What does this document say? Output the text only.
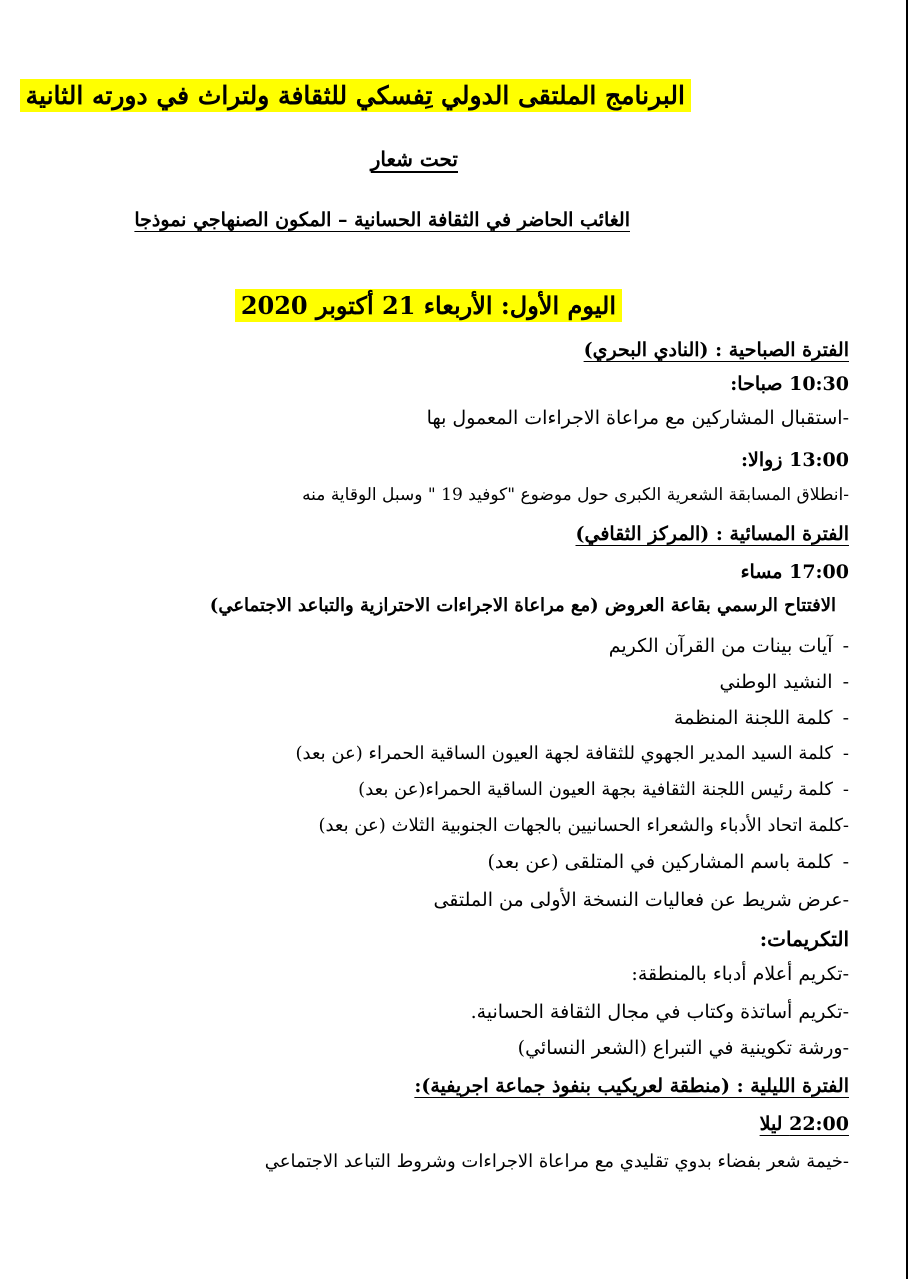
البرنامج الملتقى الدولي تِفسكي للثقافة ولتراث في دورته الثانية
تحت شعار
الغائب الحاضر في الثقافة الحسانية – المكون الصنهاجي نموذجا
اليوم الأول: الأربعاء 21 أكتوبر 2020
الفترة الصباحية : (النادي البحري)
10:30 صباحا:
-استقبال المشاركين مع مراعاة الاجراءات المعمول بها
13:00 زوالا:
-انطلاق المسابقة الشعرية الكبرى حول موضوع "كوفيد 19 " وسبل الوقاية منه
الفترة المسائية : (المركز الثقافي)
17:00 مساء
الافتتاح الرسمي بقاعة العروض (مع مراعاة الاجراءات الاحترازية والتباعد الاجتماعي)
-آيات بينات من القرآن الكريم
-النشيد الوطني
-كلمة اللجنة المنظمة
-كلمة السيد المدير الجهوي للثقافة لجهة العيون الساقية الحمراء (عن بعد)
-كلمة رئيس اللجنة الثقافية بجهة العيون الساقية الحمراء(عن بعد)
-كلمة اتحاد الأدباء والشعراء الحسانيين بالجهات الجنوبية الثلاث (عن بعد)
-كلمة باسم المشاركين في المتلقى (عن بعد)
-عرض شريط عن فعاليات النسخة الأولى من الملتقى
التكريمات:
-تكريم أعلام أدباء بالمنطقة:
-تكريم أساتذة وكتاب في مجال الثقافة الحسانية.
-ورشة تكوينية في التبراع (الشعر النسائي)
الفترة الليلية : (منطقة لعريكيب بنفوذ جماعة اجريفية):
22:00 ليلا
-خيمة شعر بفضاء بدوي تقليدي مع مراعاة الاجراءات وشروط التباعد الاجتماعي
